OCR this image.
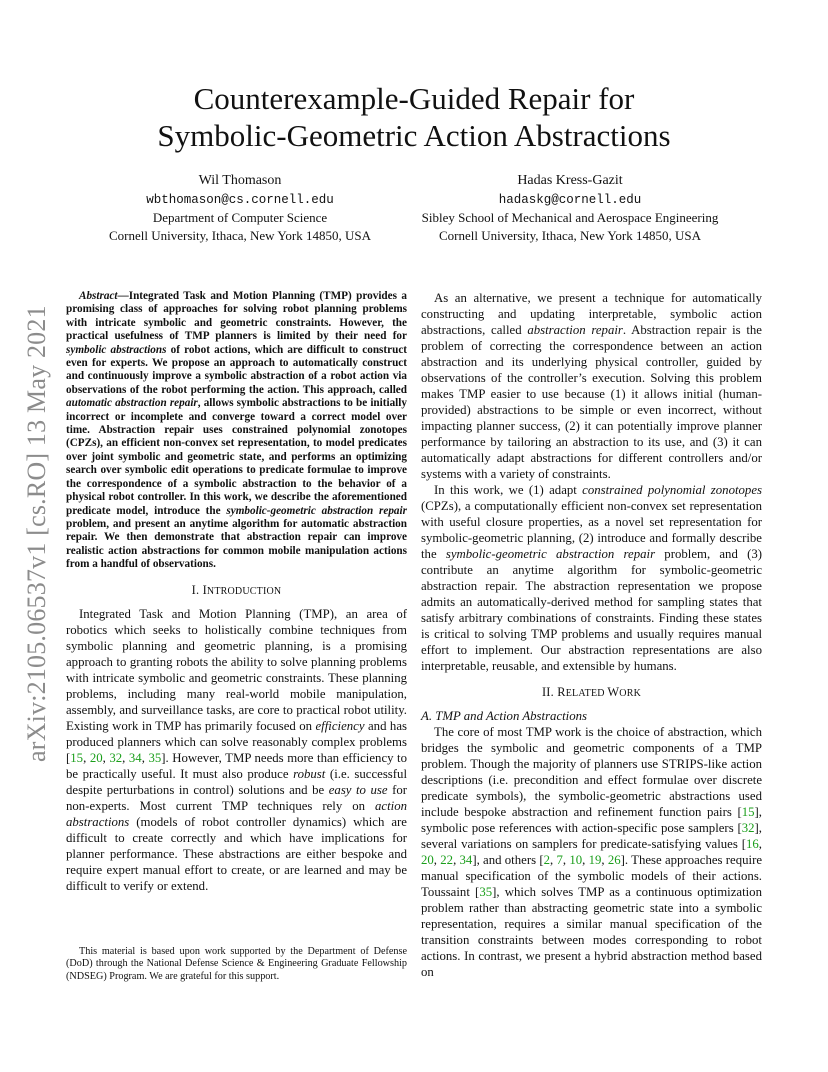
Counterexample-Guided Repair for
Symbolic-Geometric Action Abstractions
Wil Thomason
wbthomason@cs.cornell.edu
Department of Computer Science
Cornell University, Ithaca, New York 14850, USA
Hadas Kress-Gazit
hadaskg@cornell.edu
Sibley School of Mechanical and Aerospace Engineering
Cornell University, Ithaca, New York 14850, USA
arXiv:2105.06537v1 [cs.RO] 13 May 2021

Abstract—Integrated Task and Motion Planning (TMP) provides a promising class of approaches for solving robot planning problems with intricate symbolic and geometric constraints. However, the practical usefulness of TMP planners is limited by their need for symbolic abstractions of robot actions, which are difficult to construct even for experts. We propose an approach to automatically construct and continuously improve a symbolic abstraction of a robot action via observations of the robot performing the action. This approach, called automatic abstraction repair, allows symbolic abstractions to be initially incorrect or incomplete and converge toward a correct model over time. Abstraction repair uses constrained polynomial zonotopes (CPZs), an efficient non-convex set representation, to model predicates over joint symbolic and geometric state, and performs an optimizing search over symbolic edit operations to predicate formulae to improve the correspondence of a symbolic abstraction to the behavior of a physical robot controller. In this work, we describe the aforementioned predicate model, introduce the symbolic-geometric abstraction repair problem, and present an anytime algorithm for automatic abstraction repair. We then demonstrate that abstraction repair can improve realistic action abstractions for common mobile manipulation actions from a handful of observations.

I. INTRODUCTION

Integrated Task and Motion Planning (TMP), an area of robotics which seeks to holistically combine techniques from symbolic planning and geometric planning, is a promising approach to granting robots the ability to solve planning problems with intricate symbolic and geometric constraints. These planning problems, including many real-world mobile manipulation, assembly, and surveillance tasks, are core to practical robot utility. Existing work in TMP has primarily focused on efficiency and has produced planners which can solve reasonably complex problems [15, 20, 32, 34, 35]. However, TMP needs more than efficiency to be practically useful. It must also produce robust (i.e. successful despite perturbations in control) solutions and be easy to use for non-experts. Most current TMP techniques rely on action abstractions (models of robot controller dynamics) which are difficult to create correctly and which have implications for planner performance. These abstractions are either bespoke and require expert manual effort to create, or are learned and may be difficult to verify or extend.

This material is based upon work supported by the Department of Defense (DoD) through the National Defense Science & Engineering Graduate Fellowship (NDSEG) Program. We are grateful for this support.

As an alternative, we present a technique for automatically constructing and updating interpretable, symbolic action abstractions, called abstraction repair. Abstraction repair is the problem of correcting the correspondence between an action abstraction and its underlying physical controller, guided by observations of the controller’s execution. Solving this problem makes TMP easier to use because (1) it allows initial (human-provided) abstractions to be simple or even incorrect, without impacting planner success, (2) it can potentially improve planner performance by tailoring an abstraction to its use, and (3) it can automatically adapt abstractions for different controllers and/or systems with a variety of constraints.

In this work, we (1) adapt constrained polynomial zonotopes (CPZs), a computationally efficient non-convex set representation with useful closure properties, as a novel set representation for symbolic-geometric planning, (2) introduce and formally describe the symbolic-geometric abstraction repair problem, and (3) contribute an anytime algorithm for symbolic-geometric abstraction repair. The abstraction representation we propose admits an automatically-derived method for sampling states that satisfy arbitrary combinations of constraints. Finding these states is critical to solving TMP problems and usually requires manual effort to implement. Our abstraction representations are also interpretable, reusable, and extensible by humans.

II. RELATED WORK

A. TMP and Action Abstractions

The core of most TMP work is the choice of abstraction, which bridges the symbolic and geometric components of a TMP problem. Though the majority of planners use STRIPS-like action descriptions (i.e. precondition and effect formulae over discrete predicate symbols), the symbolic-geometric abstractions used include bespoke abstraction and refinement function pairs [15], symbolic pose references with action-specific pose samplers [32], several variations on samplers for predicate-satisfying values [16, 20, 22, 34], and others [2, 7, 10, 19, 26]. These approaches require manual specification of the symbolic models of their actions. Toussaint [35], which solves TMP as a continuous optimization problem rather than abstracting geometric state into a symbolic representation, requires a similar manual specification of the transition constraints between modes corresponding to robot actions. In contrast, we present a hybrid abstraction method based on
